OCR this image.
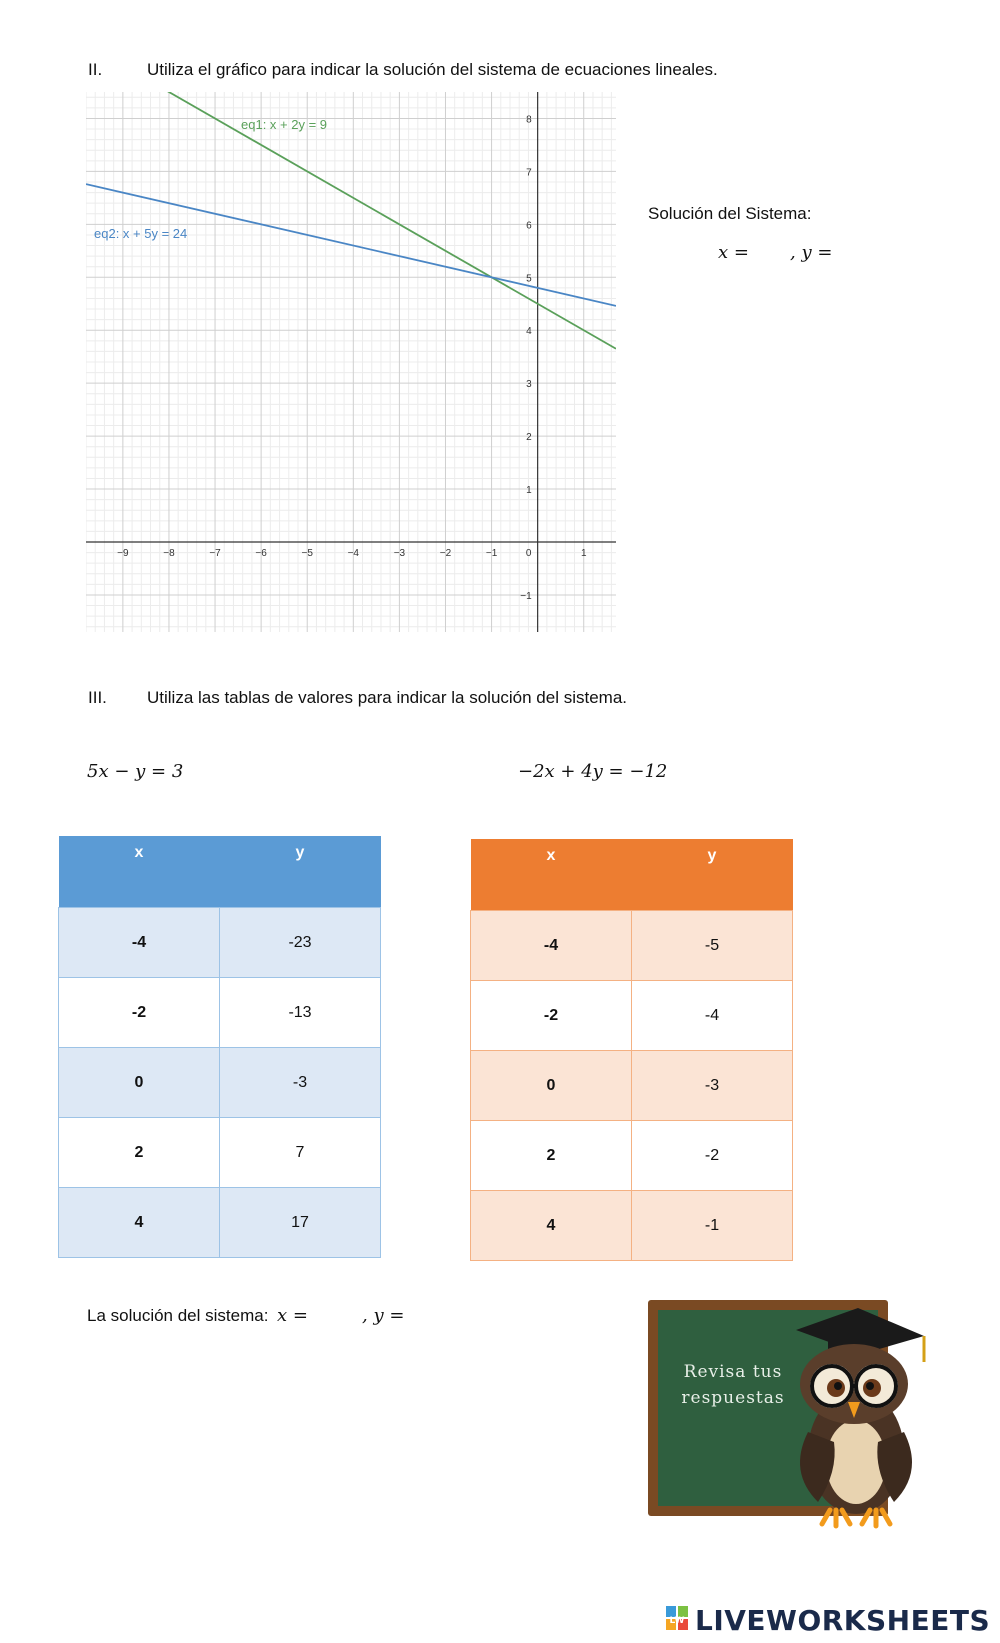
II.	Utiliza el gráfico para indicar la solución del sistema de ecuaciones lineales.
−9	−8	−7	−6	−5	−4	−3	−2	−1	0	1
−1
1
2
3
4
5
6
7
8
eq1: x + 2y = 9
eq2: x + 5y = 24
Solución del Sistema:
x = , y =
III. Utiliza las tablas de valores para indicar la solución del sistema.
5x − y = 3	−2x + 4y = −12
x	y
-4	-23
-2	-13
0	-3
2	7
4	17
x	y
-4	-5
-2	-4
0	-3
2	-2
4	-1
La solución del sistema: x =	, y =
Revisa tus
respuestas
LW LIVEWORKSHEETS
